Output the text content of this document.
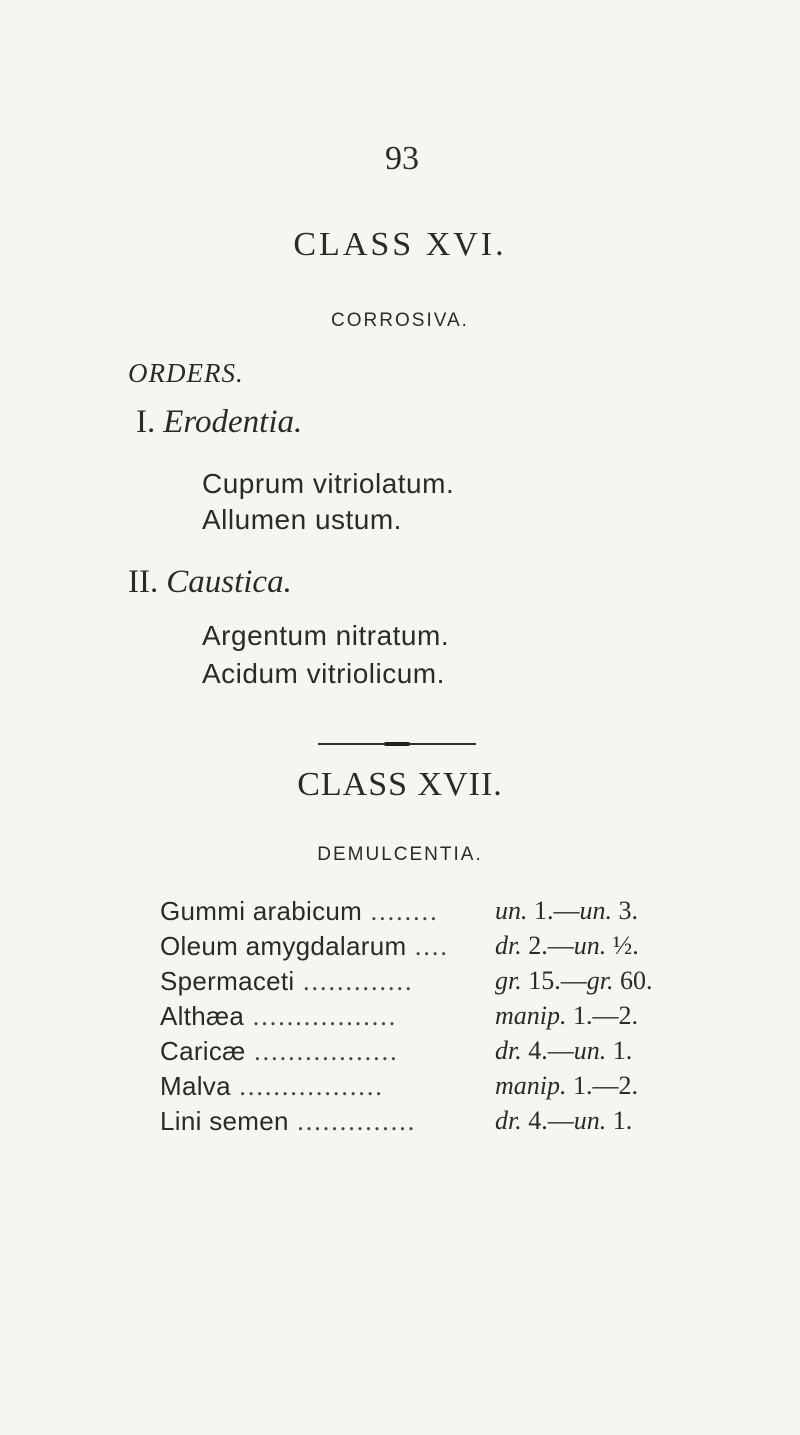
93
CLASS XVI.
CORROSIVA.
ORDERS.
I. Erodentia.
Cuprum vitriolatum.
Allumen ustum.
II. Caustica.
Argentum nitratum.
Acidum vitriolicum.
CLASS XVII.
DEMULCENTIA.
Gummi arabicum ........ un. 1.—un. 3.
Oleum amygdalarum .... dr. 2.—un. ½.
Spermaceti .............	gr. 15.—gr. 60.
Althæa .................	manip. 1.—2.
Caricæ .................	dr. 4.—un. 1.
Malva .................	manip. 1.—2.
Lini semen ..............	dr. 4.—un. 1.
